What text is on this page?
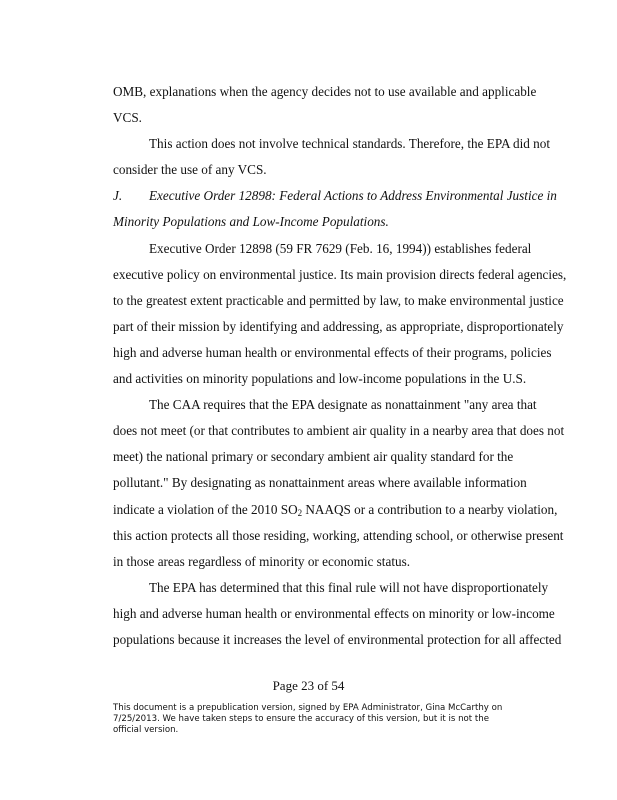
OMB, explanations when the agency decides not to use available and applicable
VCS.
This action does not involve technical standards. Therefore, the EPA did not
consider the use of any VCS.
J. Executive Order 12898: Federal Actions to Address Environmental Justice in
Minority Populations and Low-Income Populations.
Executive Order 12898 (59 FR 7629 (Feb. 16, 1994)) establishes federal
executive policy on environmental justice. Its main provision directs federal agencies,
to the greatest extent practicable and permitted by law, to make environmental justice
part of their mission by identifying and addressing, as appropriate, disproportionately
high and adverse human health or environmental effects of their programs, policies
and activities on minority populations and low-income populations in the U.S.
The CAA requires that the EPA designate as nonattainment "any area that
does not meet (or that contributes to ambient air quality in a nearby area that does not
meet) the national primary or secondary ambient air quality standard for the
pollutant." By designating as nonattainment areas where available information
indicate a violation of the 2010 $SO_2$ NAAQS or a contribution to a nearby violation,
this action protects all those residing, working, attending school, or otherwise present
in those areas regardless of minority or economic status.
The EPA has determined that this final rule will not have disproportionately
high and adverse human health or environmental effects on minority or low-income
populations because it increases the level of environmental protection for all affected
Page 23 of 54
This document is a prepublication version, signed by EPA Administrator, Gina McCarthy on 7/25/2013. We have taken steps to ensure the accuracy of this version, but it is not the official version.
